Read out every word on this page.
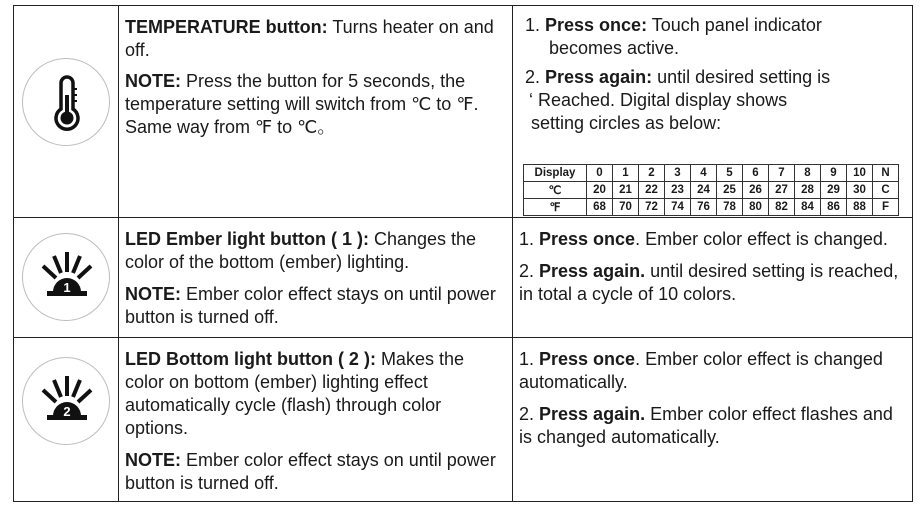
TEMPERATURE button: Turns heater on and off.

NOTE: Press the button for 5 seconds, the temperature setting will switch from ℃ to ℉. Same way from ℉ to ℃。

1. Press once: Touch panel indicator

becomes active.

2. Press again: until desired setting is

‘ Reached. Digital display shows

setting circles as below:

Display	0	1	2	3	4	5	6	7	8	9	10	N
℃	20	21	22	23	24	25	26	27	28	29	30	C
℉	68	70	72	74	76	78	80	82	84	86	88	F

1

LED Ember light button ( 1 ): Changes the color of the bottom (ember) lighting.

NOTE: Ember color effect stays on until power button is turned off.

1. Press once. Ember color effect is changed.

2. Press again. until desired setting is reached, in total a cycle of 10 colors.

2

LED Bottom light button ( 2 ): Makes the color on bottom (ember) lighting effect automatically cycle (flash) through color options.

NOTE: Ember color effect stays on until power button is turned off.

1. Press once. Ember color effect is changed automatically.

2. Press again. Ember color effect flashes and is changed automatically.
